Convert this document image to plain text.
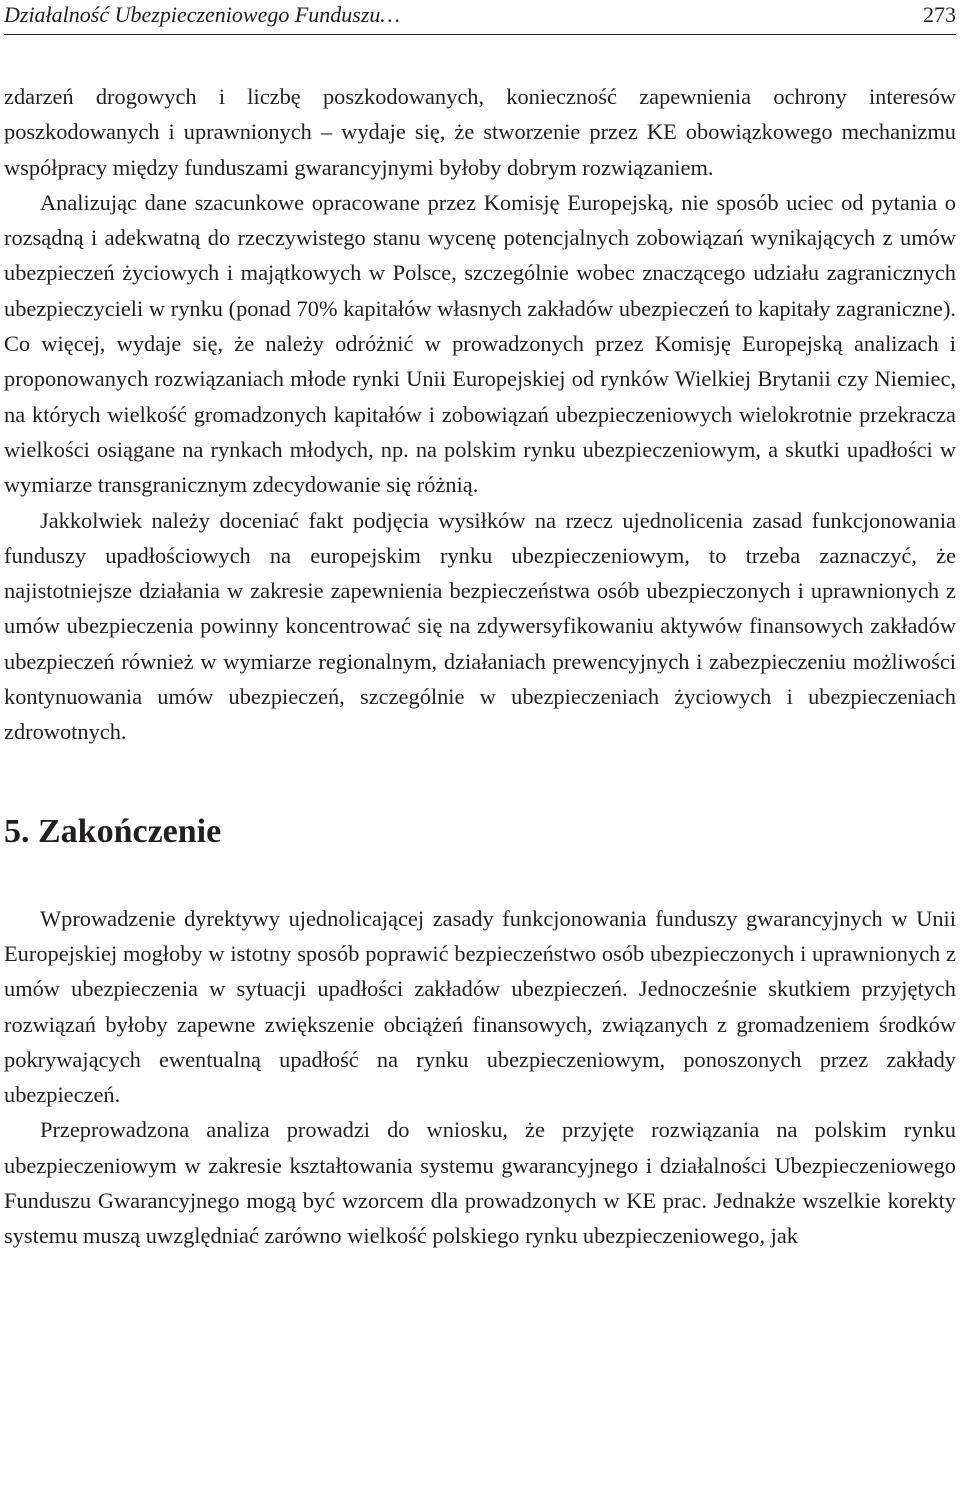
Działalność Ubezpieczeniowego Funduszu…	273

zdarzeń drogowych i liczbę poszkodowanych, konieczność zapewnienia ochrony interesów poszkodowanych i uprawnionych – wydaje się, że stworzenie przez KE obowiązkowego mechanizmu współpracy między funduszami gwarancyjnymi byłoby dobrym rozwiązaniem.

Analizując dane szacunkowe opracowane przez Komisję Europejską, nie sposób uciec od pytania o rozsądną i adekwatną do rzeczywistego stanu wycenę potencjalnych zobowiązań wynikających z umów ubezpieczeń życiowych i majątkowych w Polsce, szczególnie wobec znaczącego udziału zagranicznych ubezpieczycieli w rynku (ponad 70% kapitałów własnych zakładów ubezpieczeń to kapitały zagraniczne). Co więcej, wydaje się, że należy odróżnić w prowadzonych przez Komisję Europejską analizach i proponowanych rozwiązaniach młode rynki Unii Europejskiej od rynków Wielkiej Brytanii czy Niemiec, na których wielkość gromadzonych kapitałów i zobowiązań ubezpieczeniowych wielokrotnie przekracza wielkości osiągane na rynkach młodych, np. na polskim rynku ubezpieczeniowym, a skutki upadłości w wymiarze transgranicznym zdecydowanie się różnią.

Jakkolwiek należy doceniać fakt podjęcia wysiłków na rzecz ujednolicenia zasad funkcjonowania funduszy upadłościowych na europejskim rynku ubezpieczeniowym, to trzeba zaznaczyć, że najistotniejsze działania w zakresie zapewnienia bezpieczeństwa osób ubezpieczonych i uprawnionych z umów ubezpieczenia powinny koncentrować się na zdywersyfikowaniu aktywów finansowych zakładów ubezpieczeń również w wymiarze regionalnym, działaniach prewencyjnych i zabezpieczeniu możliwości kontynuowania umów ubezpieczeń, szczególnie w ubezpieczeniach życiowych i ubezpieczeniach zdrowotnych.

5. Zakończenie

Wprowadzenie dyrektywy ujednolicającej zasady funkcjonowania funduszy gwarancyjnych w Unii Europejskiej mogłoby w istotny sposób poprawić bezpieczeństwo osób ubezpieczonych i uprawnionych z umów ubezpieczenia w sytuacji upadłości zakładów ubezpieczeń. Jednocześnie skutkiem przyjętych rozwiązań byłoby zapewne zwiększenie obciążeń finansowych, związanych z gromadzeniem środków pokrywających ewentualną upadłość na rynku ubezpieczeniowym, ponoszonych przez zakłady ubezpieczeń.

Przeprowadzona analiza prowadzi do wniosku, że przyjęte rozwiązania na polskim rynku ubezpieczeniowym w zakresie kształtowania systemu gwarancyjnego i działalności Ubezpieczeniowego Funduszu Gwarancyjnego mogą być wzorcem dla prowadzonych w KE prac. Jednakże wszelkie korekty systemu muszą uwzględniać zarówno wielkość polskiego rynku ubezpieczeniowego, jak
